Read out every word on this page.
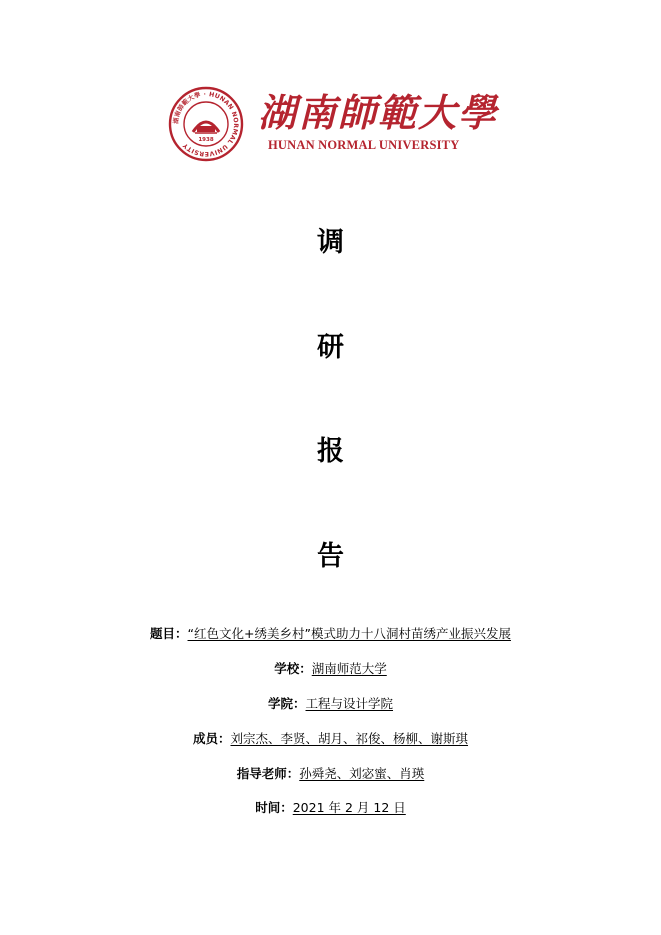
湖南師範大學 · HUNAN NORMAL UNIVERSITY
1938
湖南師範大學
HUNAN NORMAL UNIVERSITY
调
研
报
告
题目：“红色文化+绣美乡村”模式助力十八洞村苗绣产业振兴发展
学校：湖南师范大学
学院：工程与设计学院
成员：刘宗杰、李贤、胡月、祁俊、杨柳、谢斯琪
指导老师：孙舜尧、刘宓蜜、肖瑛
时间：2021 年 2 月 12 日
